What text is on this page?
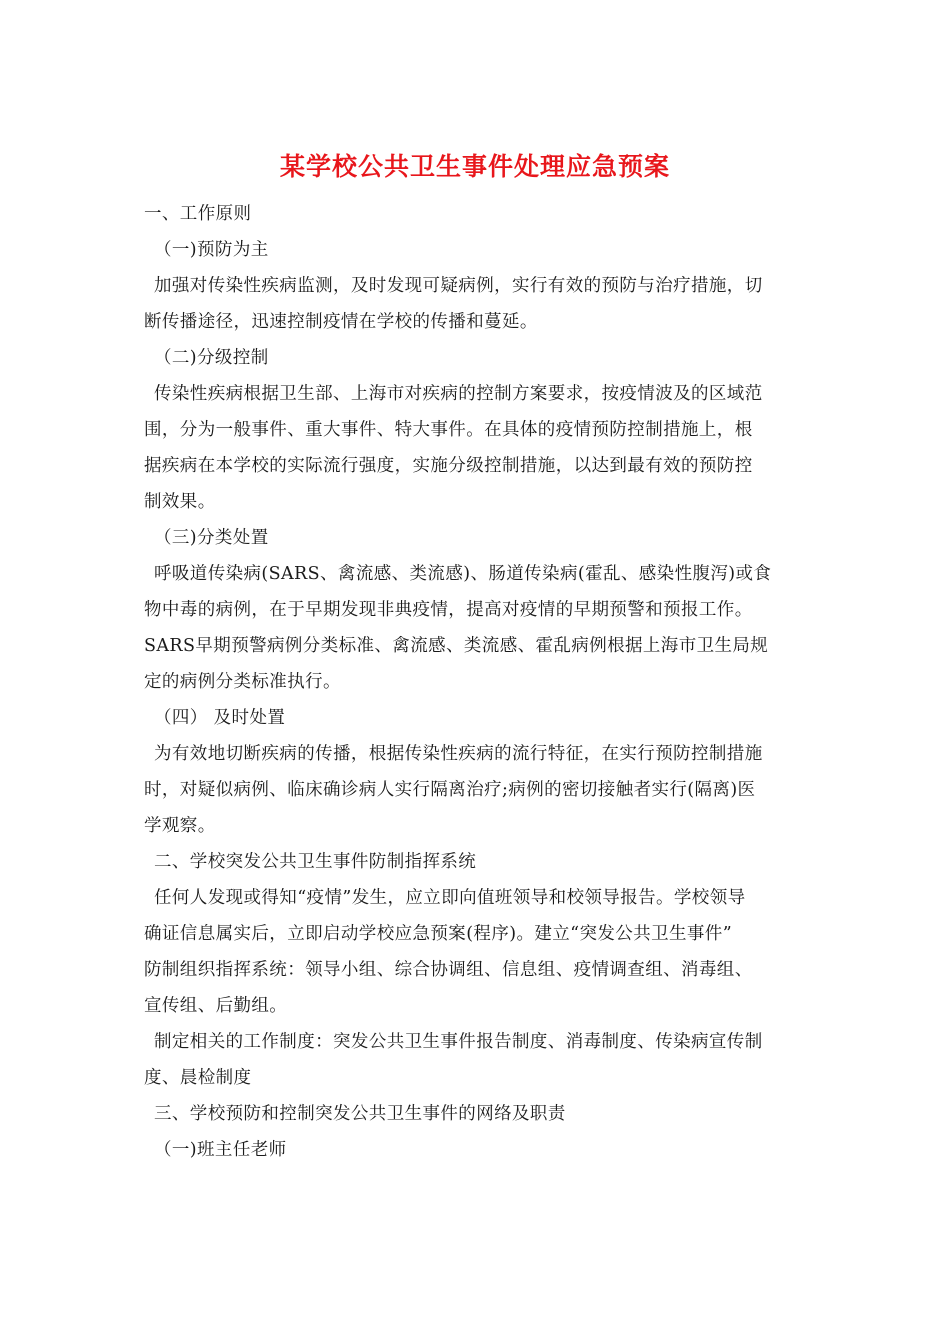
某学校公共卫生事件处理应急预案
一、工作原则
（一)预防为主
加强对传染性疾病监测，及时发现可疑病例，实行有效的预防与治疗措施，切
断传播途径，迅速控制疫情在学校的传播和蔓延。
（二)分级控制
传染性疾病根据卫生部、上海市对疾病的控制方案要求，按疫情波及的区域范
围，分为一般事件、重大事件、特大事件。在具体的疫情预防控制措施上，根
据疾病在本学校的实际流行强度，实施分级控制措施，以达到最有效的预防控
制效果。
（三)分类处置
呼吸道传染病(SARS、禽流感、类流感)、肠道传染病(霍乱、感染性腹泻)或食
物中毒的病例，在于早期发现非典疫情，提高对疫情的早期预警和预报工作。
SARS早期预警病例分类标准、禽流感、类流感、霍乱病例根据上海市卫生局规
定的病例分类标准执行。
（四） 及时处置
为有效地切断疾病的传播，根据传染性疾病的流行特征，在实行预防控制措施
时，对疑似病例、临床确诊病人实行隔离治疗;病例的密切接触者实行(隔离)医
学观察。
二、学校突发公共卫生事件防制指挥系统
任何人发现或得知“疫情”发生，应立即向值班领导和校领导报告。学校领导
确证信息属实后，立即启动学校应急预案(程序)。建立“突发公共卫生事件”
防制组织指挥系统：领导小组、综合协调组、信息组、疫情调查组、消毒组、
宣传组、后勤组。
制定相关的工作制度：突发公共卫生事件报告制度、消毒制度、传染病宣传制
度、晨检制度
三、学校预防和控制突发公共卫生事件的网络及职责
（一)班主任老师
